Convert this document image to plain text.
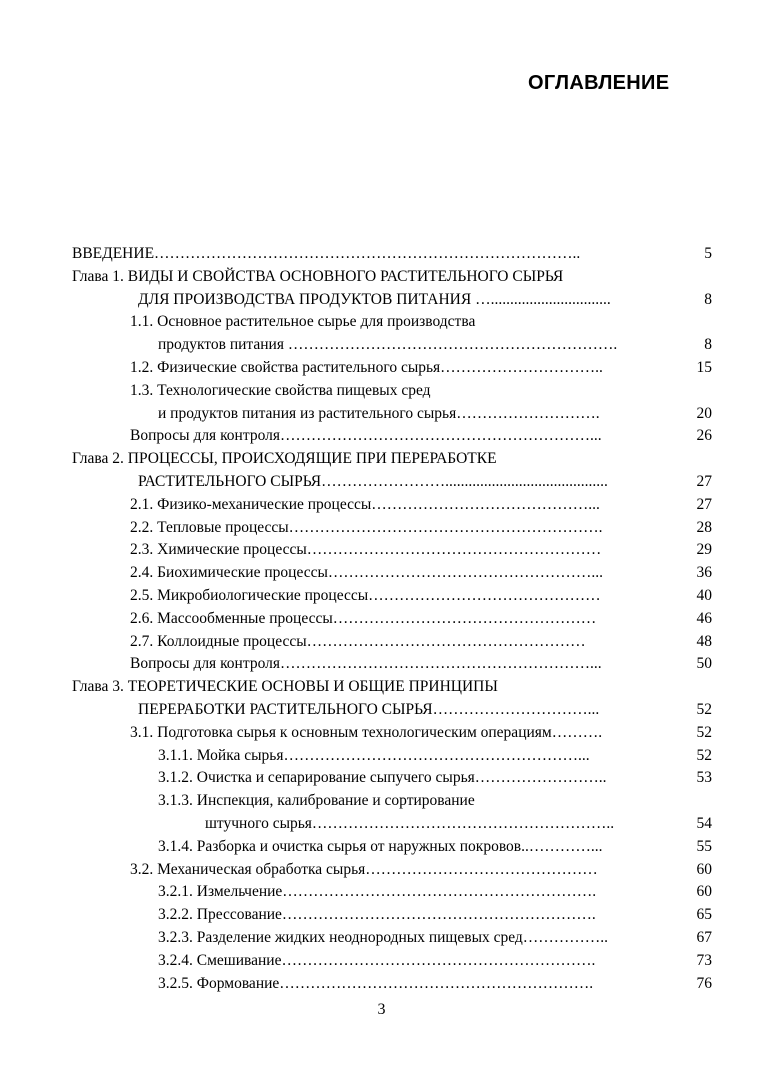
ОГЛАВЛЕНИЕ
ВВЕДЕНИЕ………………………………………………………………………..	5
Глава 1. ВИДЫ И СВОЙСТВА ОСНОВНОГО РАСТИТЕЛЬНОГО СЫРЬЯ
ДЛЯ ПРОИЗВОДСТВА ПРОДУКТОВ ПИТАНИЯ …...............................	8
1.1. Основное растительное сырье для производства
продуктов питания ……………………………………………………….	8
1.2. Физические свойства растительного сырья…………………………..	15
1.3. Технологические свойства пищевых сред
и продуктов питания из растительного сырья……………………….	20
Вопросы для контроля……………………………………………………...	26
Глава 2. ПРОЦЕССЫ, ПРОИСХОДЯЩИЕ ПРИ ПЕРЕРАБОТКЕ
РАСТИТЕЛЬНОГО СЫРЬЯ……………………..........................................	27
2.1. Физико-механические процессы……………………………………...	27
2.2. Тепловые процессы…………………………………………………….	28
2.3. Химические процессы…………………………………………………	29
2.4. Биохимические процессы……………………………………………...	36
2.5. Микробиологические процессы………………………………………	40
2.6. Массообменные процессы……………………………………………	46
2.7. Коллоидные процессы………………………………………………	48
Вопросы для контроля……………………………………………………...	50
Глава 3. ТЕОРЕТИЧЕСКИЕ ОСНОВЫ И ОБЩИЕ ПРИНЦИПЫ
ПЕРЕРАБОТКИ РАСТИТЕЛЬНОГО СЫРЬЯ…………………………...	52
3.1. Подготовка сырья к основным технологическим операциям……….	52
3.1.1. Мойка сырья…………………………………………………...	52
3.1.2. Очистка и сепарирование сыпучего сырья……………………..	53
3.1.3. Инспекция, калибрование и сортирование
штучного сырья…………………………………………………..	54
3.1.4. Разборка и очистка сырья от наружных покровов..…………...	55
3.2. Механическая обработка сырья………………………………………	60
3.2.1. Измельчение…………………………………………………….	60
3.2.2. Прессование…………………………………………………….	65
3.2.3. Разделение жидких неоднородных пищевых сред……………..	67
3.2.4. Смешивание…………………………………………………….	73
3.2.5. Формование…………………………………………………….	76
3
